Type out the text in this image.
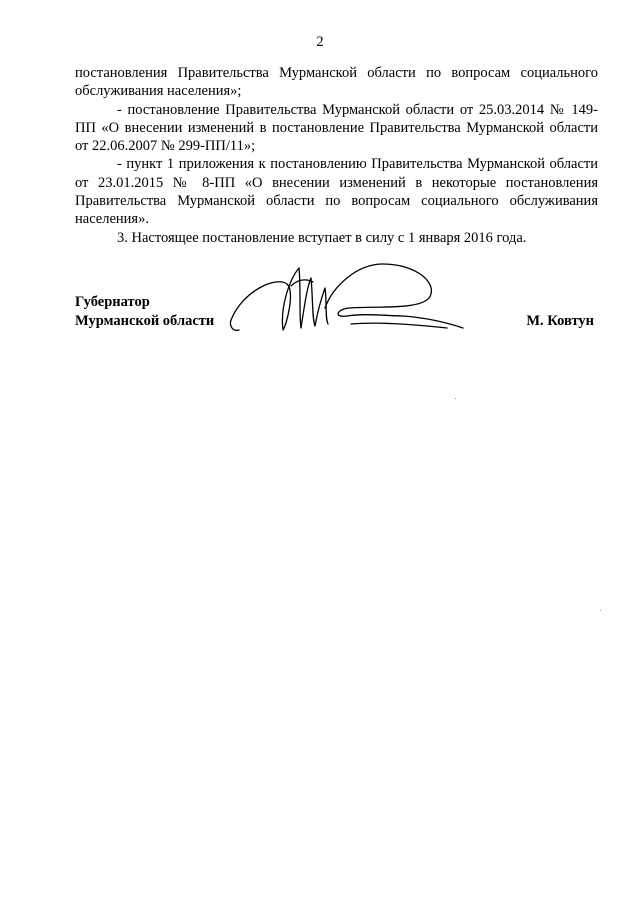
2

постановления Правительства Мурманской области по вопросам социального обслуживания населения»;

- постановление Правительства Мурманской области от 25.03.2014 № 149-ПП «О внесении изменений в постановление Правительства Мурманской области от 22.06.2007 № 299-ПП/11»;

- пункт 1 приложения к постановлению Правительства Мурманской области от 23.01.2015 № 8-ПП «О внесении изменений в некоторые постановления Правительства Мурманской области по вопросам социального обслуживания населения».

3. Настоящее постановление вступает в силу с 1 января 2016 года.

Губернатор
Мурманской области	М. Ковтун
